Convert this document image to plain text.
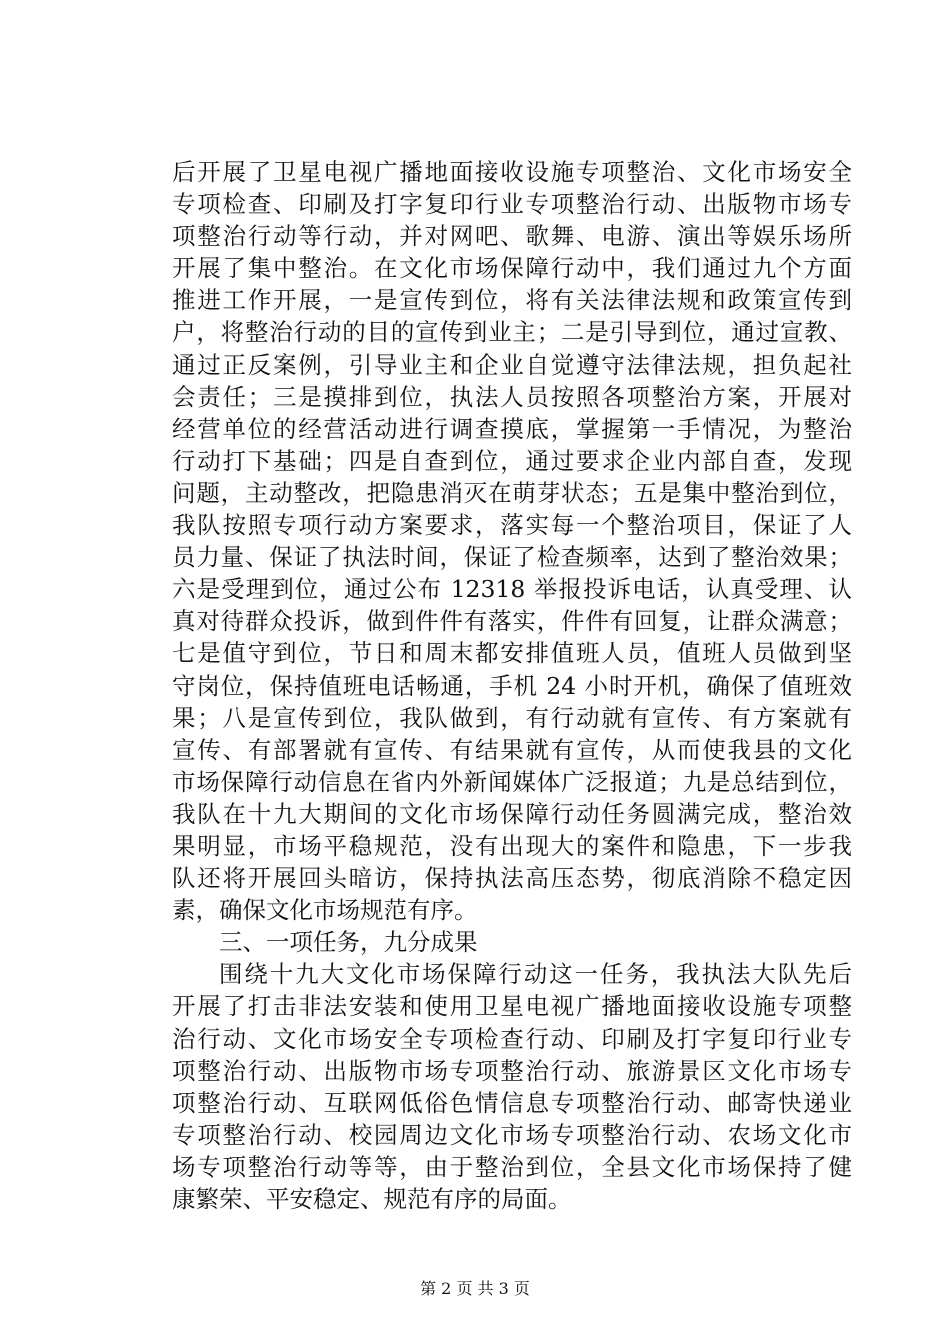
后开展了卫星电视广播地面接收设施专项整治、文化市场安全
专项检查、印刷及打字复印行业专项整治行动、出版物市场专
项整治行动等行动，并对网吧、歌舞、电游、演出等娱乐场所
开展了集中整治。在文化市场保障行动中，我们通过九个方面
推进工作开展，一是宣传到位，将有关法律法规和政策宣传到
户，将整治行动的目的宣传到业主；二是引导到位，通过宣教、
通过正反案例，引导业主和企业自觉遵守法律法规，担负起社
会责任；三是摸排到位，执法人员按照各项整治方案，开展对
经营单位的经营活动进行调查摸底，掌握第一手情况，为整治
行动打下基础；四是自查到位，通过要求企业内部自查，发现
问题，主动整改，把隐患消灭在萌芽状态；五是集中整治到位，
我队按照专项行动方案要求，落实每一个整治项目，保证了人
员力量、保证了执法时间，保证了检查频率，达到了整治效果；
六是受理到位，通过公布 12318 举报投诉电话，认真受理、认
真对待群众投诉，做到件件有落实，件件有回复，让群众满意；
七是值守到位，节日和周末都安排值班人员，值班人员做到坚
守岗位，保持值班电话畅通，手机 24 小时开机，确保了值班效
果；八是宣传到位，我队做到，有行动就有宣传、有方案就有
宣传、有部署就有宣传、有结果就有宣传，从而使我县的文化
市场保障行动信息在省内外新闻媒体广泛报道；九是总结到位，
我队在十九大期间的文化市场保障行动任务圆满完成，整治效
果明显，市场平稳规范，没有出现大的案件和隐患，下一步我
队还将开展回头暗访，保持执法高压态势，彻底消除不稳定因
素，确保文化市场规范有序。
三、一项任务，九分成果
围绕十九大文化市场保障行动这一任务，我执法大队先后
开展了打击非法安装和使用卫星电视广播地面接收设施专项整
治行动、文化市场安全专项检查行动、印刷及打字复印行业专
项整治行动、出版物市场专项整治行动、旅游景区文化市场专
项整治行动、互联网低俗色情信息专项整治行动、邮寄快递业
专项整治行动、校园周边文化市场专项整治行动、农场文化市
场专项整治行动等等，由于整治到位，全县文化市场保持了健
康繁荣、平安稳定、规范有序的局面。
第 2 页 共 3 页
